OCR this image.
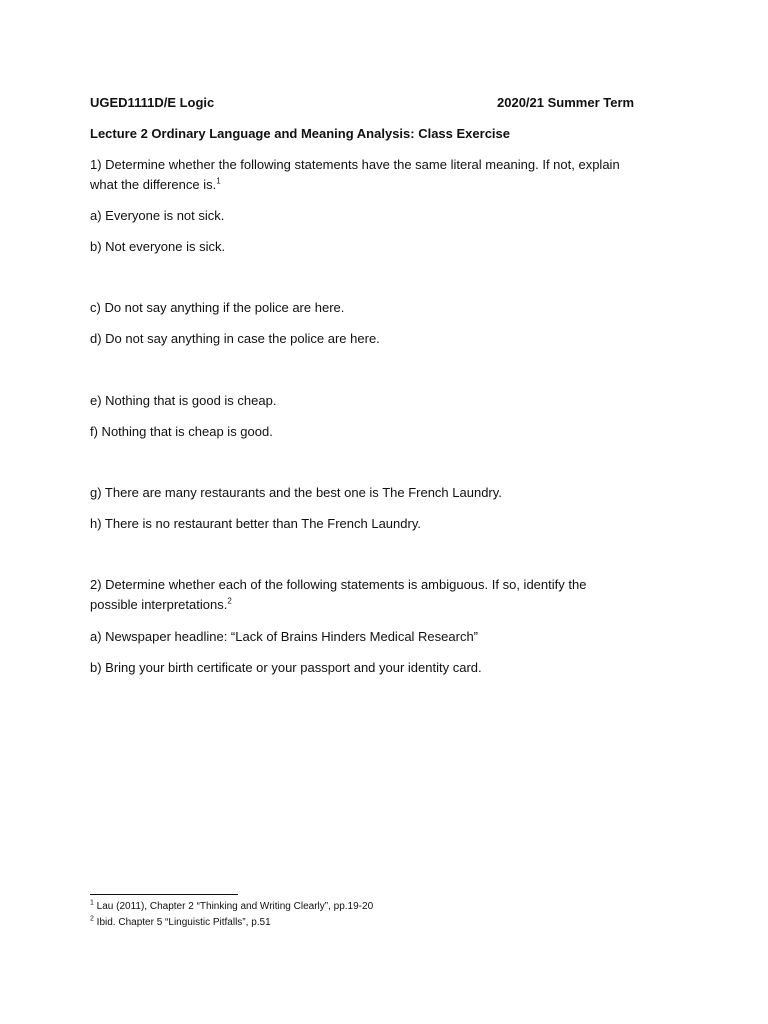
UGED1111D/E Logic	2020/21 Summer Term
Lecture 2 Ordinary Language and Meaning Analysis: Class Exercise
1) Determine whether the following statements have the same literal meaning. If not, explain
what the difference is.$^1$
a) Everyone is not sick.
b) Not everyone is sick.
c) Do not say anything if the police are here.
d) Do not say anything in case the police are here.
e) Nothing that is good is cheap.
f) Nothing that is cheap is good.
g) There are many restaurants and the best one is The French Laundry.
h) There is no restaurant better than The French Laundry.
2) Determine whether each of the following statements is ambiguous. If so, identify the
possible interpretations.$^2$
a) Newspaper headline: “Lack of Brains Hinders Medical Research”
b) Bring your birth certificate or your passport and your identity card.
$^1$ Lau (2011), Chapter 2 “Thinking and Writing Clearly”, pp.19-20
$^2$ Ibid. Chapter 5 “Linguistic Pitfalls”, p.51
